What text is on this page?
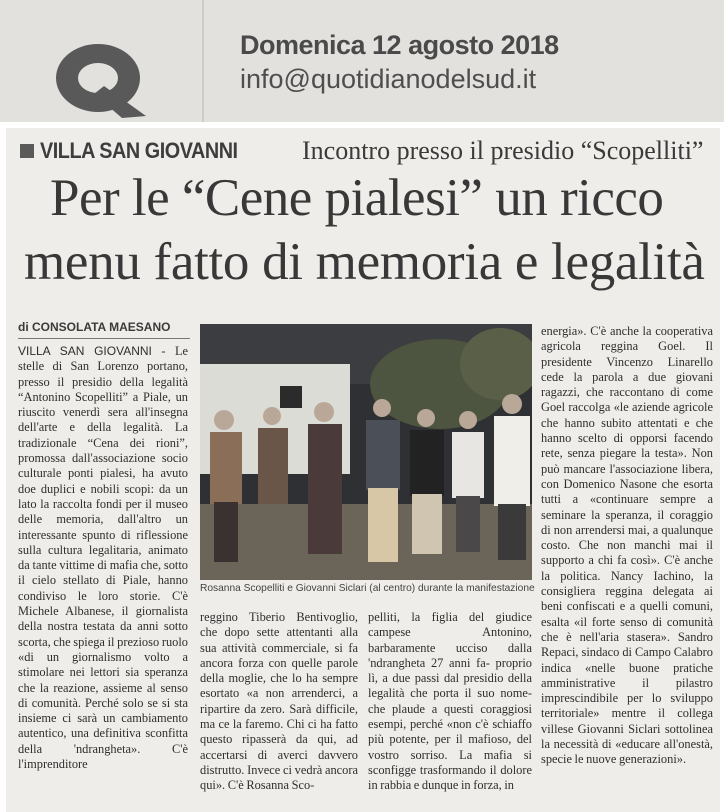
Domenica 12 agosto 2018
info@quotidianodelsud.it
VILLA SAN GIOVANNI Incontro presso il presidio “Scopelliti”
Per le “Cene pialesi” un ricco
menu fatto di memoria e legalità
di CONSOLATA MAESANO

VILLA SAN GIOVANNI - Le stelle di San Lorenzo portano, presso il presidio della legalità “Antonino Scopelliti” a Piale, un riuscito venerdì sera all'insegna dell'arte e della legalità. La tradizionale “Cena dei rioni”, promossa dall'associazione socio culturale ponti pialesi, ha avuto doe duplici e nobili scopi: da un lato la raccolta fondi per il museo delle memoria, dall'altro un interessante spunto di riflessione sulla cultura legalitaria, animato da tante vittime di mafia che, sotto il cielo stellato di Piale, hanno condiviso le loro storie. C'è Michele Albanese, il giornalista della nostra testata da anni sotto scorta, che spiega il prezioso ruolo «di un giornalismo volto a stimolare nei lettori sia speranza che la reazione, assieme al senso di comunità. Perché solo se si sta insieme ci sarà un cambiamento autentico, una definitiva sconfitta della 'ndrangheta». C'è l'imprenditore

Rosanna Scopelliti e Giovanni Siclari (al centro) durante la manifestazione

reggino Tiberio Bentivoglio, che dopo sette attentanti alla sua attività commerciale, si fa ancora forza con quelle parole della moglie, che lo ha sempre esortato «a non arrenderci, a ripartire da zero. Sarà difficile, ma ce la faremo. Chi ci ha fatto questo ripasserà da qui, ad accertarsi di averci davvero distrutto. Invece ci vedrà ancora qui». C'è Rosanna Sco-

pelliti, la figlia del giudice campese Antonino, barbaramente ucciso dalla 'ndrangheta 27 anni fa- proprio lì, a due passi dal presidio della legalità che porta il suo nome- che plaude a questi coraggiosi esempi, perché «non c'è schiaffo più potente, per il mafioso, del vostro sorriso. La mafia si sconfigge trasformando il dolore in rabbia e dunque in forza, in

energia». C'è anche la cooperativa agricola reggina Goel. Il presidente Vincenzo Linarello cede la parola a due giovani ragazzi, che raccontano di come Goel raccolga «le aziende agricole che hanno subito attentati e che hanno scelto di opporsi facendo rete, senza piegare la testa». Non può mancare l'associazione libera, con Domenico Nasone che esorta tutti a «continuare sempre a seminare la speranza, il coraggio di non arrendersi mai, a qualunque costo. Che non manchi mai il supporto a chi fa così». C'è anche la politica. Nancy Iachino, la consigliera reggina delegata ai beni confiscati e a quelli comuni, esalta «il forte senso di comunità che è nell'aria stasera». Sandro Repaci, sindaco di Campo Calabro indica «nelle buone pratiche amministrative il pilastro imprescindibile per lo sviluppo territoriale» mentre il collega villese Giovanni Siclari sottolinea la necessità di «educare all'onestà, specie le nuove generazioni».
